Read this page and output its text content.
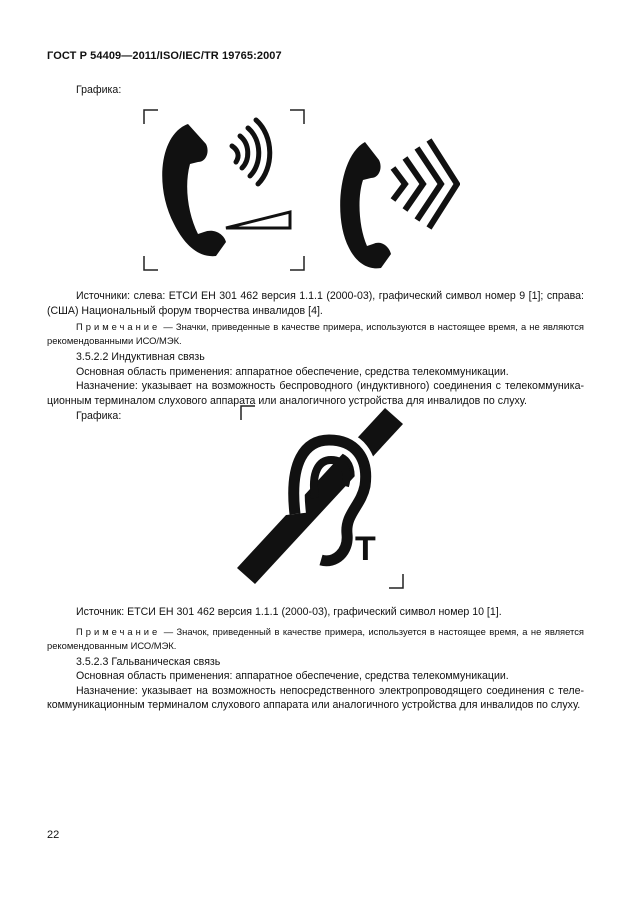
ГОСТ Р 54409—2011/ISO/IEC/TR 19765:2007
Графика:

Источники: слева: ЕТСИ ЕН 301 462 версия 1.1.1 (2000-03), графический символ номер 9 [1]; справа: (США) Национальный форум творчества инвалидов [4].

Примечание — Значки, приведенные в качестве примера, используются в настоящее время, а не являются рекомендованными ИСО/МЭК.

3.5.2.2 Индуктивная связь

Основная область применения: аппаратное обеспечение, средства телекоммуникации.

Назначение: указывает на возможность беспроводного (индуктивного) соединения с телекоммуникационным терминалом слухового аппарата или аналогичного устройства для инвалидов по слуху.

Графика:

T

Источник: ЕТСИ ЕН 301 462 версия 1.1.1 (2000-03), графический символ номер 10 [1].

Примечание — Значок, приведенный в качестве примера, используется в настоящее время, а не является рекомендованным ИСО/МЭК.

3.5.2.3 Гальваническая связь

Основная область применения: аппаратное обеспечение, средства телекоммуникации.

Назначение: указывает на возможность непосредственного электропроводящего соединения с телекоммуникационным терминалом слухового аппарата или аналогичного устройства для инвалидов по слуху.

22
